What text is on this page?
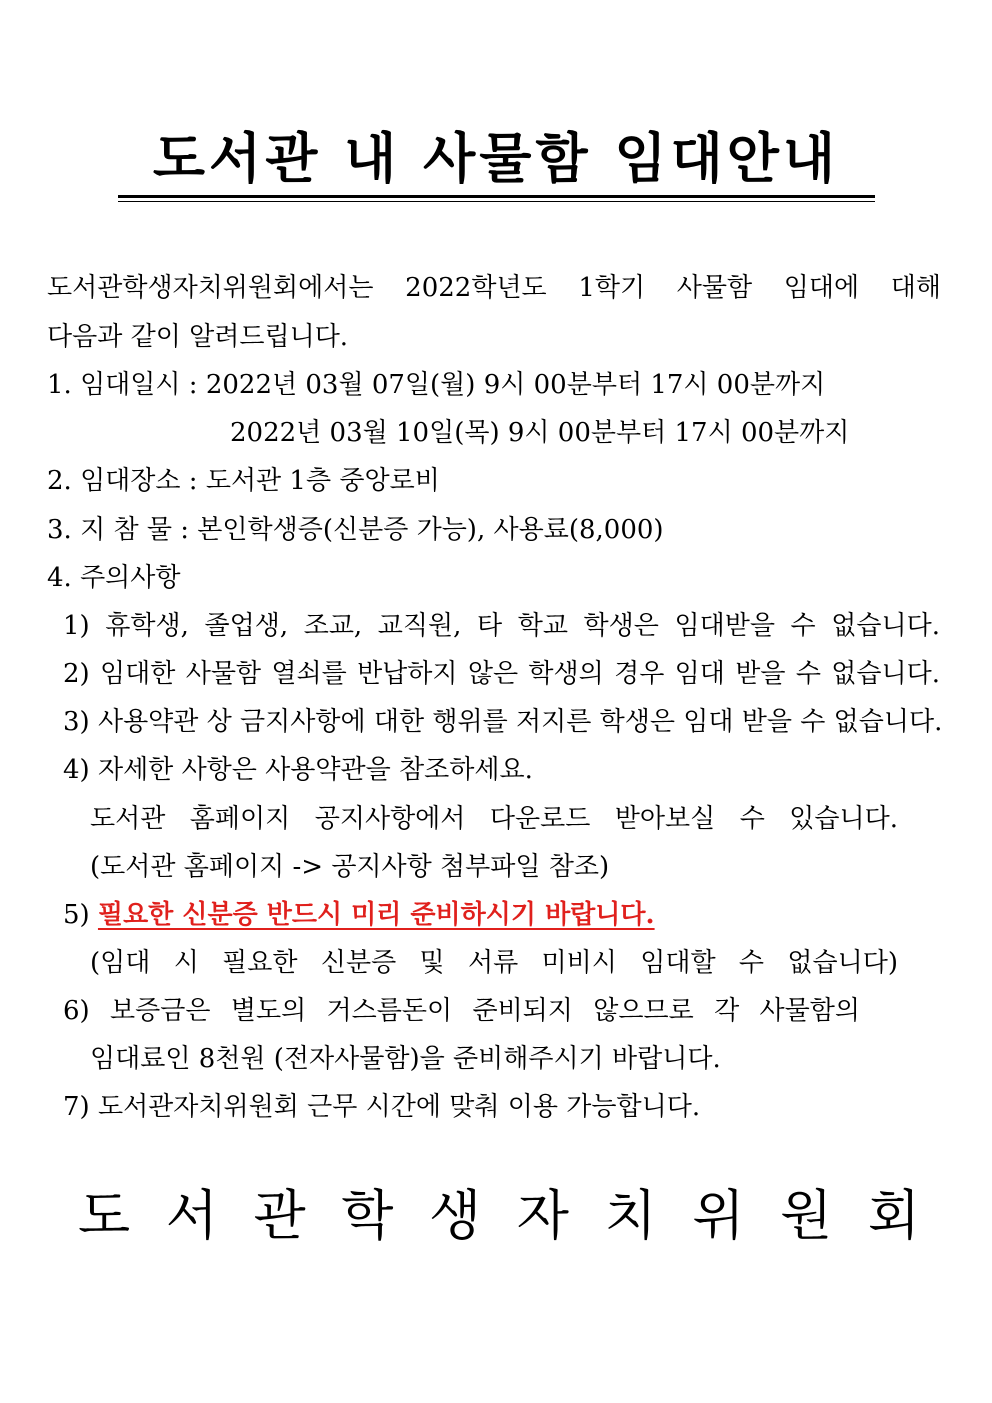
도서관 내 사물함 임대안내

도서관학생자치위원회에서는 2022학년도 1학기 사물함 임대에 대해

다음과 같이 알려드립니다.

1. 임대일시 : 2022년 03월 07일(월) 9시 00분부터 17시 00분까지

2022년 03월 10일(목) 9시 00분부터 17시 00분까지

2. 임대장소 : 도서관 1층 중앙로비

3. 지 참 물 : 본인학생증(신분증 가능), 사용료(8,000)

4. 주의사항

1) 휴학생, 졸업생, 조교, 교직원, 타 학교 학생은 임대받을 수 없습니다.

2) 임대한 사물함 열쇠를 반납하지 않은 학생의 경우 임대 받을 수 없습니다.

3) 사용약관 상 금지사항에 대한 행위를 저지른 학생은 임대 받을 수 없습니다.

4) 자세한 사항은 사용약관을 참조하세요.

도서관 홈페이지 공지사항에서 다운로드 받아보실 수 있습니다.

(도서관 홈페이지 -> 공지사항 첨부파일 참조)

5) 필요한 신분증 반드시 미리 준비하시기 바랍니다.

(임대 시 필요한 신분증 및 서류 미비시 임대할 수 없습니다)

6) 보증금은 별도의 거스름돈이 준비되지 않으므로 각 사물함의

임대료인 8천원 (전자사물함)을 준비해주시기 바랍니다.

7) 도서관자치위원회 근무 시간에 맞춰 이용 가능합니다.

도 서 관 학 생 자 치 위 원 회
